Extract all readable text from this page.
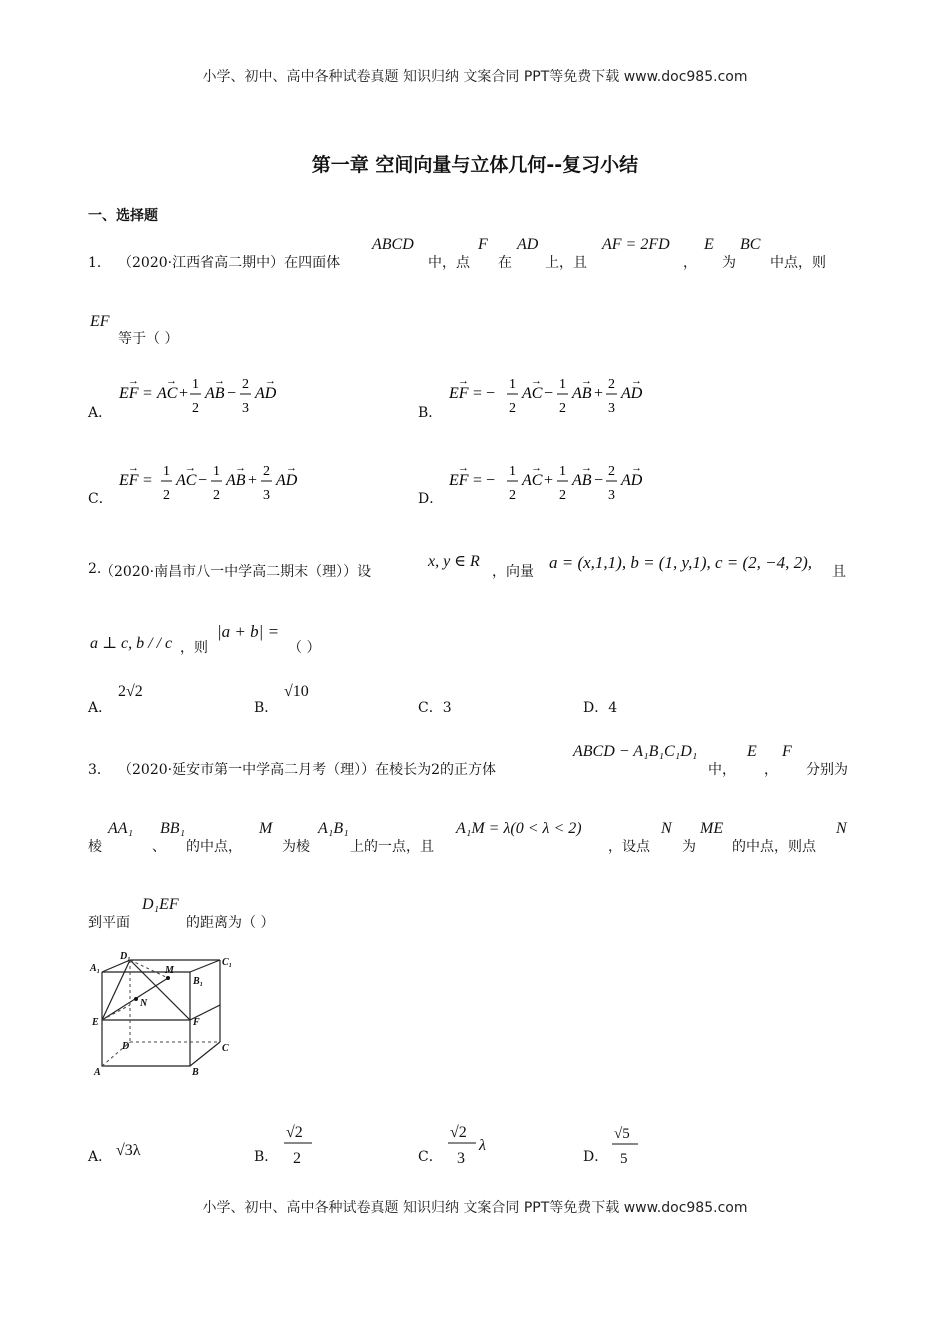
小学、初中、高中各种试卷真题 知识归纳 文案合同 PPT等免费下载 www.doc985.com
第一章 空间向量与立体几何--复习小结
一、选择题
1． （2020·江西省高二期中）在四面体
ABCD
中，点
F
在
AD
上，且
AF = 2FD
，
E
为
BC
中点，则
EF
等于（ ）
A．
EF
→
= AC
→
+
1
2
AB
→
−
2
3
AD
→
B．
EF
→
= −
1
2
AC
→
−
1
2
AB
→
+
2
3
AD
→
C．
EF
→
=
1
2
AC
→
−
1
2
AB
→
+
2
3
AD
→
D．
EF
→
= −
1
2
AC
→
+
1
2
AB
→
−
2
3
AD
→
2.
（2020·南昌市八一中学高二期末（理））设
x, y ∈ R
，向量 a = (x,1,1), b = (1, y,1), c = (2, −4, 2), 且
a ⊥ c, b / / c ，则
|a + b| =
（ ）
A．
2√2
B．
√10
C．3	D．4
3． （2020·延安市第一中学高二月考（理））在棱长为2的正方体
ABCD − A₁B₁C₁D₁
中，
E
，
F
分别为
棱
AA₁
、
BB₁
的中点，
M
为棱
A₁B₁
上的一点，且
A₁M = λ(0 < λ < 2)
，设点
N
为
ME
的中点，则点
N
到平面
D₁EF
的距离为（ ）
D₁
C₁
A₁
B₁
M
N
E	F
D	C
A	B
A． √3λ	B．
√2
2	C．
√2
3
λ
D．
√5
5
小学、初中、高中各种试卷真题 知识归纳 文案合同 PPT等免费下载 www.doc985.com
